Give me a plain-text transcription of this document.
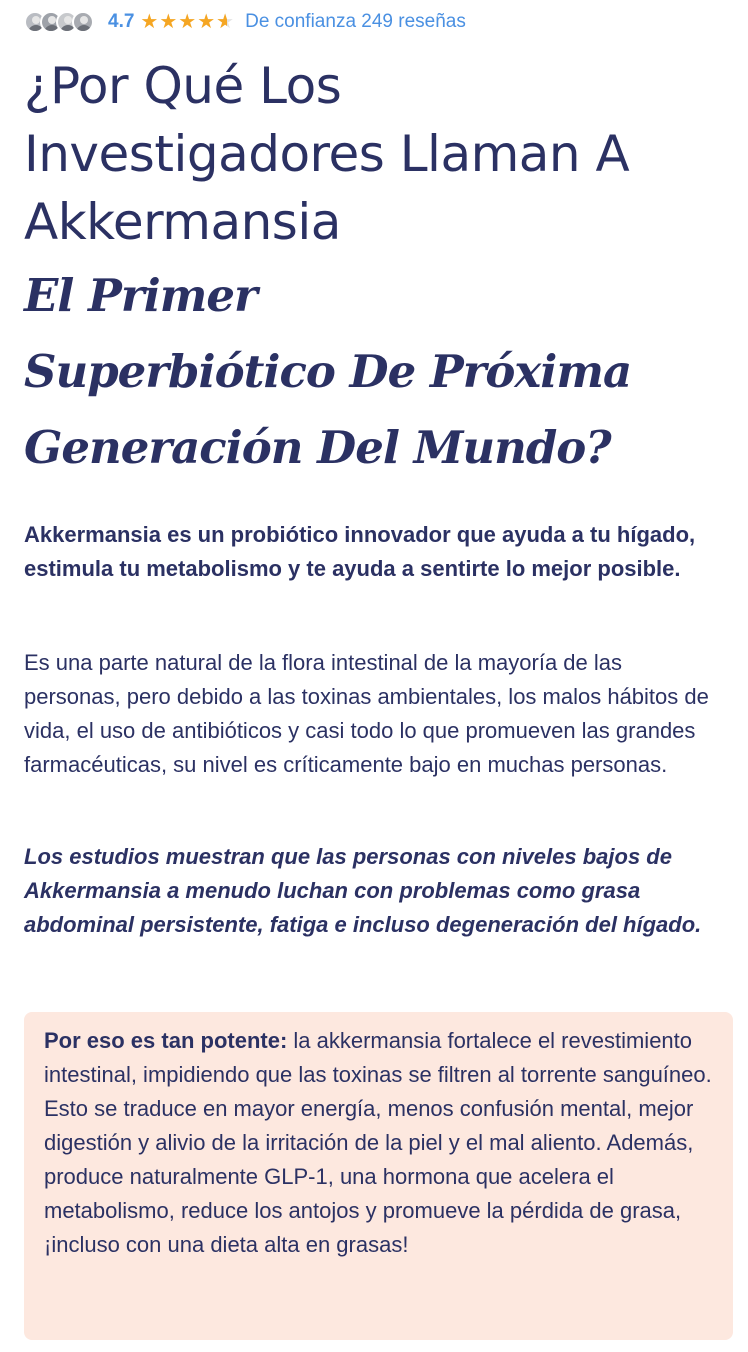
4.7 ★ ★ ★ ★ ★ ★ De confianza 249 reseñas
¿Por Qué Los
Investigadores Llaman A
Akkermansia
El Primer
Superbiótico De Próxima
Generación Del Mundo?

Akkermansia es un probiótico innovador que ayuda a tu hígado, estimula tu metabolismo y te ayuda a sentirte lo mejor posible.

Es una parte natural de la flora intestinal de la mayoría de las personas, pero debido a las toxinas ambientales, los malos hábitos de vida, el uso de antibióticos y casi todo lo que promueven las grandes farmacéuticas, su nivel es críticamente bajo en muchas personas.

Los estudios muestran que las personas con niveles bajos de Akkermansia a menudo luchan con problemas como grasa abdominal persistente, fatiga e incluso degeneración del hígado.

Por eso es tan potente: la akkermansia fortalece el revestimiento intestinal, impidiendo que las toxinas se filtren al torrente sanguíneo. Esto se traduce en mayor energía, menos confusión mental, mejor digestión y alivio de la irritación de la piel y el mal aliento. Además, produce naturalmente GLP-1, una hormona que acelera el metabolismo, reduce los antojos y promueve la pérdida de grasa, ¡incluso con una dieta alta en grasas!
